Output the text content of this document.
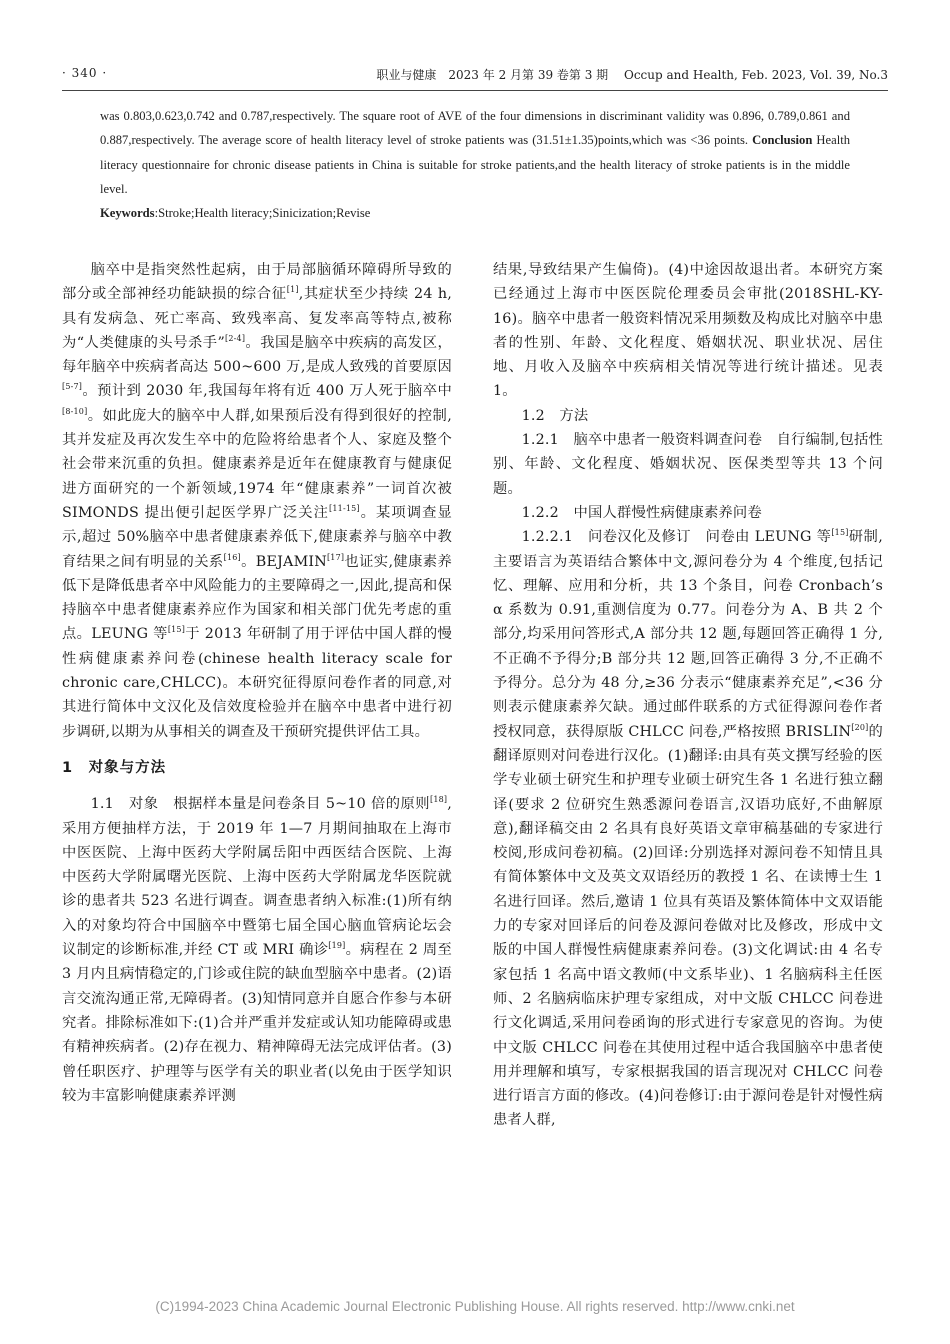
· 340 ·	职业与健康　2023 年 2 月第 39 卷第 3 期　 Occup and Health, Feb. 2023, Vol. 39, No.3

was 0.803,0.623,0.742 and 0.787,respectively. The square root of AVE of the four dimensions in discriminant validity was 0.896, 0.789,0.861 and 0.887,respectively. The average score of health literacy level of stroke patients was (31.51±1.35)points,which was <36 points. Conclusion Health literacy questionnaire for chronic disease patients in China is suitable for stroke patients,and the health literacy of stroke patients is in the middle level.

Keywords:Stroke;Health literacy;Sinicization;Revise

脑卒中是指突然性起病，由于局部脑循环障碍所导致的部分或全部神经功能缺损的综合征[1],其症状至少持续 24 h,具有发病急、死亡率高、致残率高、复发率高等特点,被称为“人类健康的头号杀手”[2-4]。我国是脑卒中疾病的高发区，每年脑卒中疾病者高达 500~600 万,是成人致残的首要原因[5-7]。预计到 2030 年,我国每年将有近 400 万人死于脑卒中[8-10]。如此庞大的脑卒中人群,如果预后没有得到很好的控制,其并发症及再次发生卒中的危险将给患者个人、家庭及整个社会带来沉重的负担。健康素养是近年在健康教育与健康促进方面研究的一个新领域,1974 年“健康素养”一词首次被 SIMONDS 提出便引起医学界广泛关注[11-15]。某项调查显示,超过 50%脑卒中患者健康素养低下,健康素养与脑卒中教育结果之间有明显的关系[16]。BEJAMIN[17]也证实,健康素养低下是降低患者卒中风险能力的主要障碍之一,因此,提高和保持脑卒中患者健康素养应作为国家和相关部门优先考虑的重点。LEUNG 等[15]于 2013 年研制了用于评估中国人群的慢性病健康素养问卷(chinese health literacy scale for chronic care,CHLCC)。本研究征得原问卷作者的同意,对其进行简体中文汉化及信效度检验并在脑卒中患者中进行初步调研,以期为从事相关的调查及干预研究提供评估工具。

1　对象与方法

1.1　对象　根据样本量是问卷条目 5~10 倍的原则[18],采用方便抽样方法，于 2019 年 1—7 月期间抽取在上海市中医医院、上海中医药大学附属岳阳中西医结合医院、上海中医药大学附属曙光医院、上海中医药大学附属龙华医院就诊的患者共 523 名进行调查。调查患者纳入标准:(1)所有纳入的对象均符合中国脑卒中暨第七届全国心脑血管病论坛会议制定的诊断标准,并经 CT 或 MRI 确诊[19]。病程在 2 周至 3 月内且病情稳定的,门诊或住院的缺血型脑卒中患者。(2)语言交流沟通正常,无障碍者。(3)知情同意并自愿合作参与本研究者。排除标准如下:(1)合并严重并发症或认知功能障碍或患有精神疾病者。(2)存在视力、精神障碍无法完成评估者。(3)曾任职医疗、护理等与医学有关的职业者(以免由于医学知识较为丰富影响健康素养评测

结果,导致结果产生偏倚)。(4)中途因故退出者。本研究方案已经通过上海市中医医院伦理委员会审批(2018SHL-KY-16)。脑卒中患者一般资料情况采用频数及构成比对脑卒中患者的性别、年龄、文化程度、婚姻状况、职业状况、居住地、月收入及脑卒中疾病相关情况等进行统计描述。见表 1。

1.2　方法

1.2.1　脑卒中患者一般资料调查问卷　自行编制,包括性别、年龄、文化程度、婚姻状况、医保类型等共 13 个问题。

1.2.2　中国人群慢性病健康素养问卷

1.2.2.1　问卷汉化及修订　问卷由 LEUNG 等[15]研制,主要语言为英语结合繁体中文,源问卷分为 4 个维度,包括记忆、理解、应用和分析，共 13 个条目，问卷 Cronbach’s α 系数为 0.91,重测信度为 0.77。问卷分为 A、B 共 2 个部分,均采用问答形式,A 部分共 12 题,每题回答正确得 1 分,不正确不予得分;B 部分共 12 题,回答正确得 3 分,不正确不予得分。总分为 48 分,≥36 分表示“健康素养充足”,<36 分则表示健康素养欠缺。通过邮件联系的方式征得源问卷作者授权同意，获得原版 CHLCC 问卷,严格按照 BRISLIN[20]的翻译原则对问卷进行汉化。(1)翻译:由具有英文撰写经验的医学专业硕士研究生和护理专业硕士研究生各 1 名进行独立翻译(要求 2 位研究生熟悉源问卷语言,汉语功底好,不曲解原意),翻译稿交由 2 名具有良好英语文章审稿基础的专家进行校阅,形成问卷初稿。(2)回译:分别选择对源问卷不知情且具有简体繁体中文及英文双语经历的教授 1 名、在读博士生 1 名进行回译。然后,邀请 1 位具有英语及繁体简体中文双语能力的专家对回译后的问卷及源问卷做对比及修改，形成中文版的中国人群慢性病健康素养问卷。(3)文化调试:由 4 名专家包括 1 名高中语文教师(中文系毕业)、1 名脑病科主任医师、2 名脑病临床护理专家组成，对中文版 CHLCC 问卷进行文化调适,采用问卷函询的形式进行专家意见的咨询。为使中文版 CHLCC 问卷在其使用过程中适合我国脑卒中患者使用并理解和填写，专家根据我国的语言现况对 CHLCC 问卷进行语言方面的修改。(4)问卷修订:由于源问卷是针对慢性病患者人群,

(C)1994-2023 China Academic Journal Electronic Publishing House. All rights reserved. http://www.cnki.net
